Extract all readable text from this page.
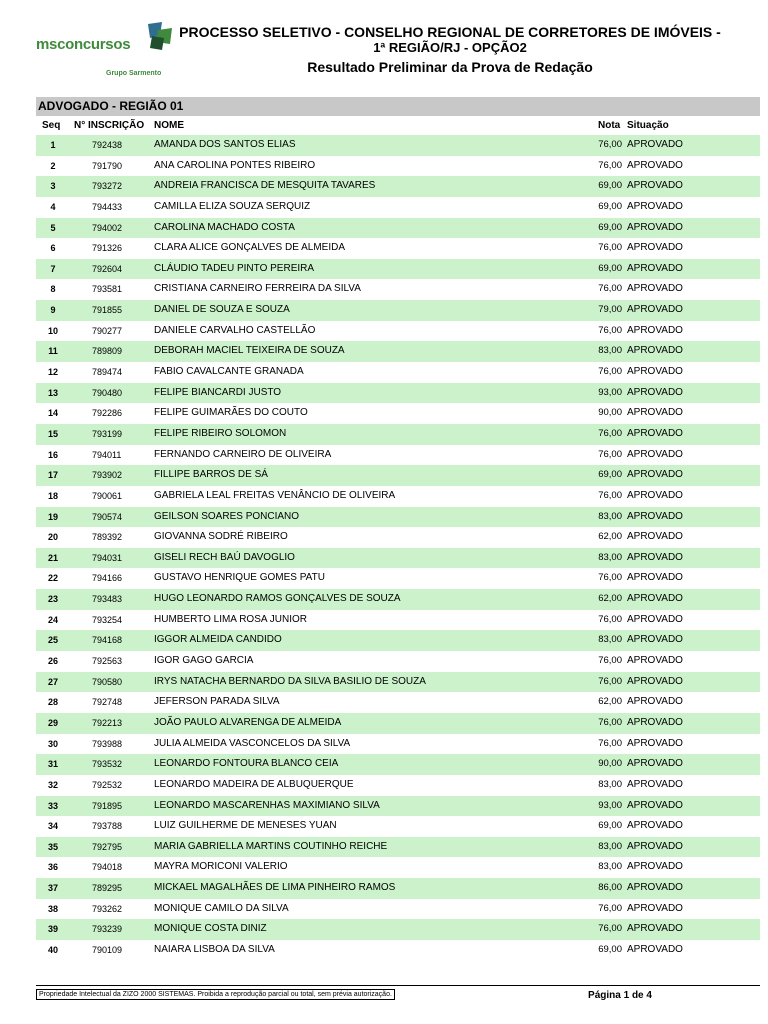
msconcursos
Grupo Sarmento
PROCESSO SELETIVO - CONSELHO REGIONAL DE CORRETORES DE IMÓVEIS -
1ª REGIÃO/RJ - OPÇÃO2
Resultado Preliminar da Prova de Redação
ADVOGADO - REGIÃO 01
Seq N° INSCRIÇÃO NOME	Nota Situação
1	792438	AMANDA DOS SANTOS ELIAS	76,00 APROVADO
2	791790	ANA CAROLINA PONTES RIBEIRO	76,00 APROVADO
3	793272	ANDREIA FRANCISCA DE MESQUITA TAVARES	69,00 APROVADO
4	794433	CAMILLA ELIZA SOUZA SERQUIZ	69,00 APROVADO
5	794002	CAROLINA MACHADO COSTA	69,00 APROVADO
6	791326	CLARA ALICE GONÇALVES DE ALMEIDA	76,00 APROVADO
7	792604	CLÁUDIO TADEU PINTO PEREIRA	69,00 APROVADO
8	793581	CRISTIANA CARNEIRO FERREIRA DA SILVA	76,00 APROVADO
9	791855	DANIEL DE SOUZA E SOUZA	79,00 APROVADO
10	790277	DANIELE CARVALHO CASTELLÃO	76,00 APROVADO
11	789809	DEBORAH MACIEL TEIXEIRA DE SOUZA	83,00 APROVADO
12	789474	FABIO CAVALCANTE GRANADA	76,00 APROVADO
13	790480	FELIPE BIANCARDI JUSTO	93,00 APROVADO
14	792286	FELIPE GUIMARÃES DO COUTO	90,00 APROVADO
15	793199	FELIPE RIBEIRO SOLOMON	76,00 APROVADO
16	794011	FERNANDO CARNEIRO DE OLIVEIRA	76,00 APROVADO
17	793902	FILLIPE BARROS DE SÁ	69,00 APROVADO
18	790061	GABRIELA LEAL FREITAS VENÂNCIO DE OLIVEIRA	76,00 APROVADO
19	790574	GEILSON SOARES PONCIANO	83,00 APROVADO
20	789392	GIOVANNA SODRÉ RIBEIRO	62,00 APROVADO
21	794031	GISELI RECH BAÚ DAVOGLIO	83,00 APROVADO
22	794166	GUSTAVO HENRIQUE GOMES PATU	76,00 APROVADO
23	793483	HUGO LEONARDO RAMOS GONÇALVES DE SOUZA	62,00 APROVADO
24	793254	HUMBERTO LIMA ROSA JUNIOR	76,00 APROVADO
25	794168	IGGOR ALMEIDA CANDIDO	83,00 APROVADO
26	792563	IGOR GAGO GARCIA	76,00 APROVADO
27	790580	IRYS NATACHA BERNARDO DA SILVA BASILIO DE SOUZA	76,00 APROVADO
28	792748	JEFERSON PARADA SILVA	62,00 APROVADO
29	792213	JOÃO PAULO ALVARENGA DE ALMEIDA	76,00 APROVADO
30	793988	JULIA ALMEIDA VASCONCELOS DA SILVA	76,00 APROVADO
31	793532	LEONARDO FONTOURA BLANCO CEIA	90,00 APROVADO
32	792532	LEONARDO MADEIRA DE ALBUQUERQUE	83,00 APROVADO
33	791895	LEONARDO MASCARENHAS MAXIMIANO SILVA	93,00 APROVADO
34	793788	LUIZ GUILHERME DE MENESES YUAN	69,00 APROVADO
35	792795	MARIA GABRIELLA MARTINS COUTINHO REICHE	83,00 APROVADO
36	794018	MAYRA MORICONI VALERIO	83,00 APROVADO
37	789295	MICKAEL MAGALHÃES DE LIMA PINHEIRO RAMOS	86,00 APROVADO
38	793262	MONIQUE CAMILO DA SILVA	76,00 APROVADO
39	793239	MONIQUE COSTA DINIZ	76,00 APROVADO
40	790109	NAIARA LISBOA DA SILVA	69,00 APROVADO
Propriedade Intelectual da ZIZO 2000 SISTEMAS. Proibida a reprodução parcial ou total, sem prévia autorização.	Página 1 de 4
